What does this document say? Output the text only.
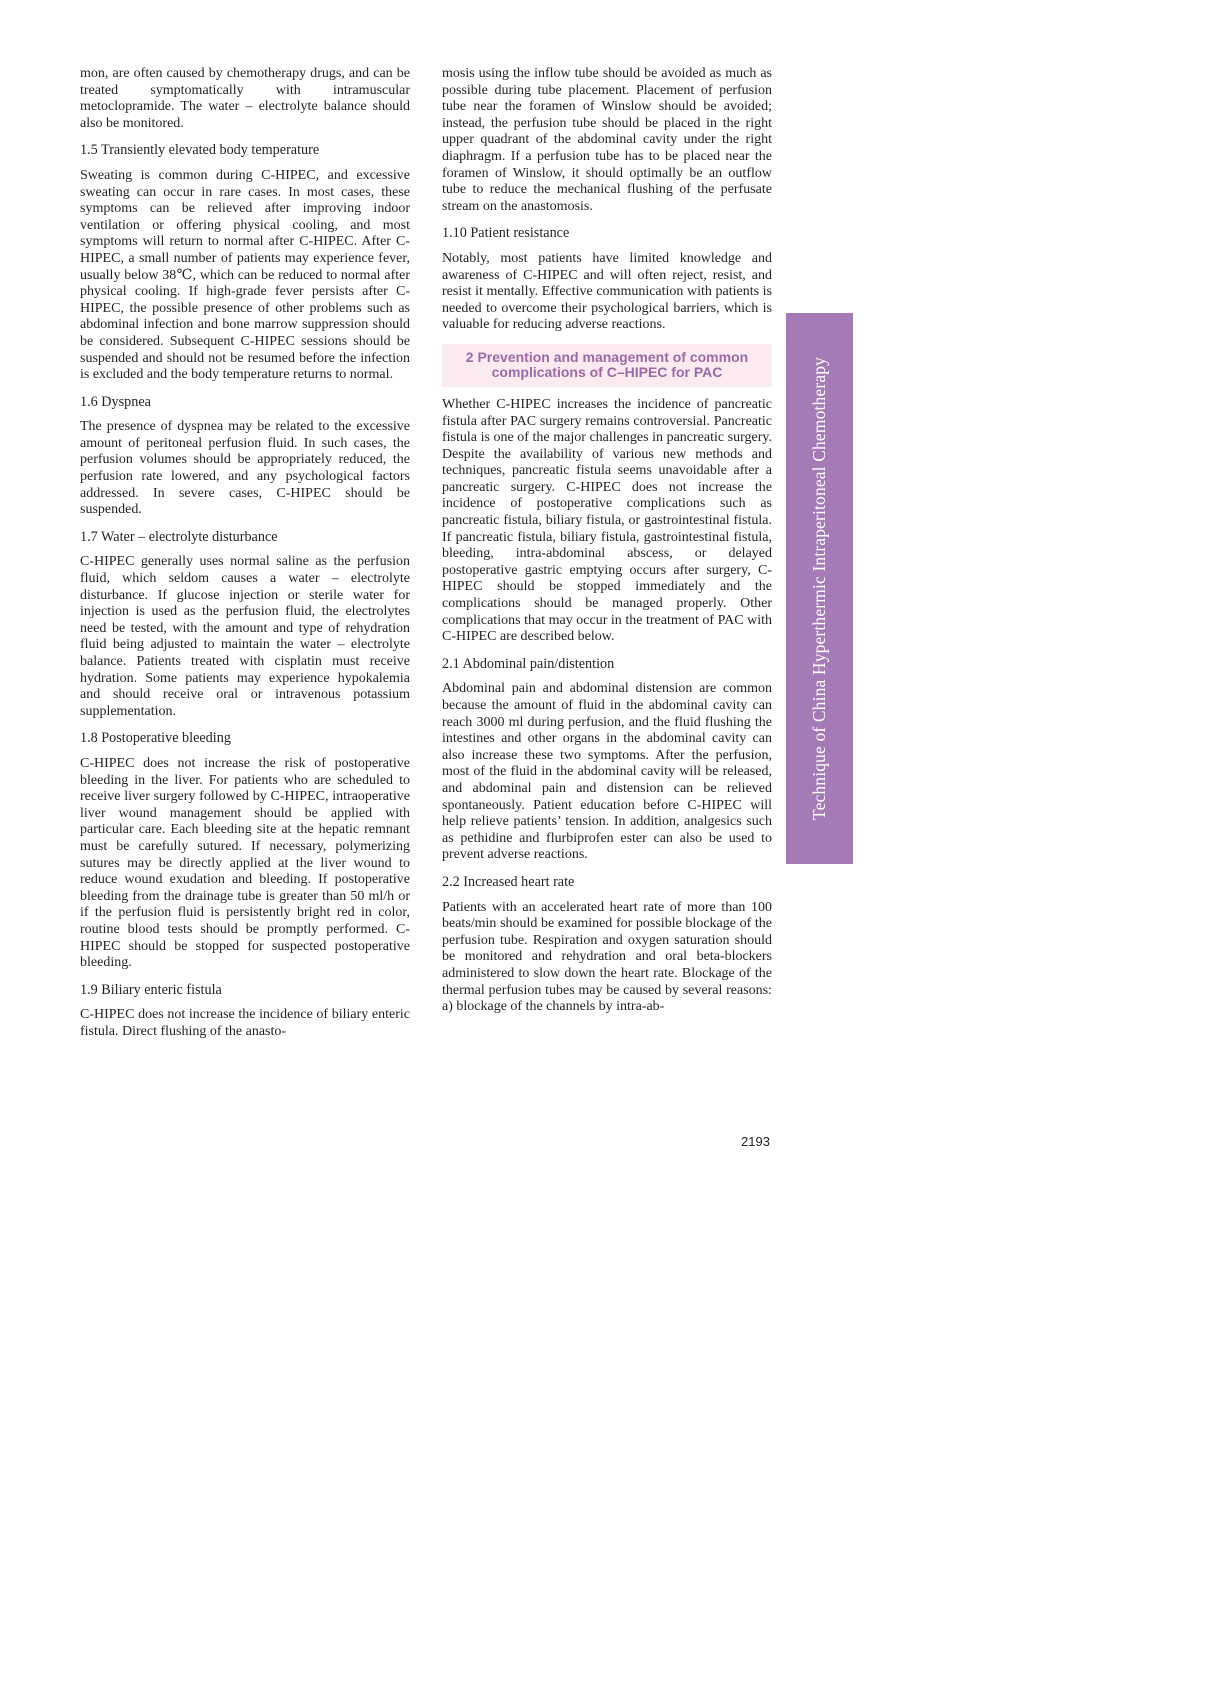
mon, are often caused by chemotherapy drugs, and can be treated symptomatically with intramuscular metoclopramide. The water – electrolyte balance should also be monitored.

1.5 Transiently elevated body temperature

Sweating is common during C-HIPEC, and excessive sweating can occur in rare cases. In most cases, these symptoms can be relieved after improving indoor ventilation or offering physical cooling, and most symptoms will return to normal after C-HIPEC. After C-HIPEC, a small number of patients may experience fever, usually below 38℃, which can be reduced to normal after physical cooling. If high-grade fever persists after C-HIPEC, the possible presence of other problems such as abdominal infection and bone marrow suppression should be considered. Subsequent C-HIPEC sessions should be suspended and should not be resumed before the infection is excluded and the body temperature returns to normal.

1.6 Dyspnea

The presence of dyspnea may be related to the excessive amount of peritoneal perfusion fluid. In such cases, the perfusion volumes should be appropriately reduced, the perfusion rate lowered, and any psychological factors addressed. In severe cases, C-HIPEC should be suspended.

1.7 Water – electrolyte disturbance

C-HIPEC generally uses normal saline as the perfusion fluid, which seldom causes a water – electrolyte disturbance. If glucose injection or sterile water for injection is used as the perfusion fluid, the electrolytes need be tested, with the amount and type of rehydration fluid being adjusted to maintain the water – electrolyte balance. Patients treated with cisplatin must receive hydration. Some patients may experience hypokalemia and should receive oral or intravenous potassium supplementation.

1.8 Postoperative bleeding

C-HIPEC does not increase the risk of postoperative bleeding in the liver. For patients who are scheduled to receive liver surgery followed by C-HIPEC, intraoperative liver wound management should be applied with particular care. Each bleeding site at the hepatic remnant must be carefully sutured. If necessary, polymerizing sutures may be directly applied at the liver wound to reduce wound exudation and bleeding. If postoperative bleeding from the drainage tube is greater than 50 ml/h or if the perfusion fluid is persistently bright red in color, routine blood tests should be promptly performed. C-HIPEC should be stopped for suspected postoperative bleeding.

1.9 Biliary enteric fistula

C-HIPEC does not increase the incidence of biliary enteric fistula. Direct flushing of the anasto-

mosis using the inflow tube should be avoided as much as possible during tube placement. Placement of perfusion tube near the foramen of Winslow should be avoided; instead, the perfusion tube should be placed in the right upper quadrant of the abdominal cavity under the right diaphragm. If a perfusion tube has to be placed near the foramen of Winslow, it should optimally be an outflow tube to reduce the mechanical flushing of the perfusate stream on the anastomosis.

1.10 Patient resistance

Notably, most patients have limited knowledge and awareness of C-HIPEC and will often reject, resist, and resist it mentally. Effective communication with patients is needed to overcome their psychological barriers, which is valuable for reducing adverse reactions.

2 Prevention and management of common
complications of C–HIPEC for PAC

Whether C-HIPEC increases the incidence of pancreatic fistula after PAC surgery remains controversial. Pancreatic fistula is one of the major challenges in pancreatic surgery. Despite the availability of various new methods and techniques, pancreatic fistula seems unavoidable after a pancreatic surgery. C-HIPEC does not increase the incidence of postoperative complications such as pancreatic fistula, biliary fistula, or gastrointestinal fistula. If pancreatic fistula, biliary fistula, gastrointestinal fistula, bleeding, intra-abdominal abscess, or delayed postoperative gastric emptying occurs after surgery, C-HIPEC should be stopped immediately and the complications should be managed properly. Other complications that may occur in the treatment of PAC with C-HIPEC are described below.

2.1 Abdominal pain/distention

Abdominal pain and abdominal distension are common because the amount of fluid in the abdominal cavity can reach 3000 ml during perfusion, and the fluid flushing the intestines and other organs in the abdominal cavity can also increase these two symptoms. After the perfusion, most of the fluid in the abdominal cavity will be released, and abdominal pain and distension can be relieved spontaneously. Patient education before C-HIPEC will help relieve patients’ tension. In addition, analgesics such as pethidine and flurbiprofen ester can also be used to prevent adverse reactions.

2.2 Increased heart rate

Patients with an accelerated heart rate of more than 100 beats/min should be examined for possible blockage of the perfusion tube. Respiration and oxygen saturation should be monitored and rehydration and oral beta-blockers administered to slow down the heart rate. Blockage of the thermal perfusion tubes may be caused by several reasons: a) blockage of the channels by intra-ab-

Technique of China Hyperthermic Intraperitoneal Chemotherapy
2193
